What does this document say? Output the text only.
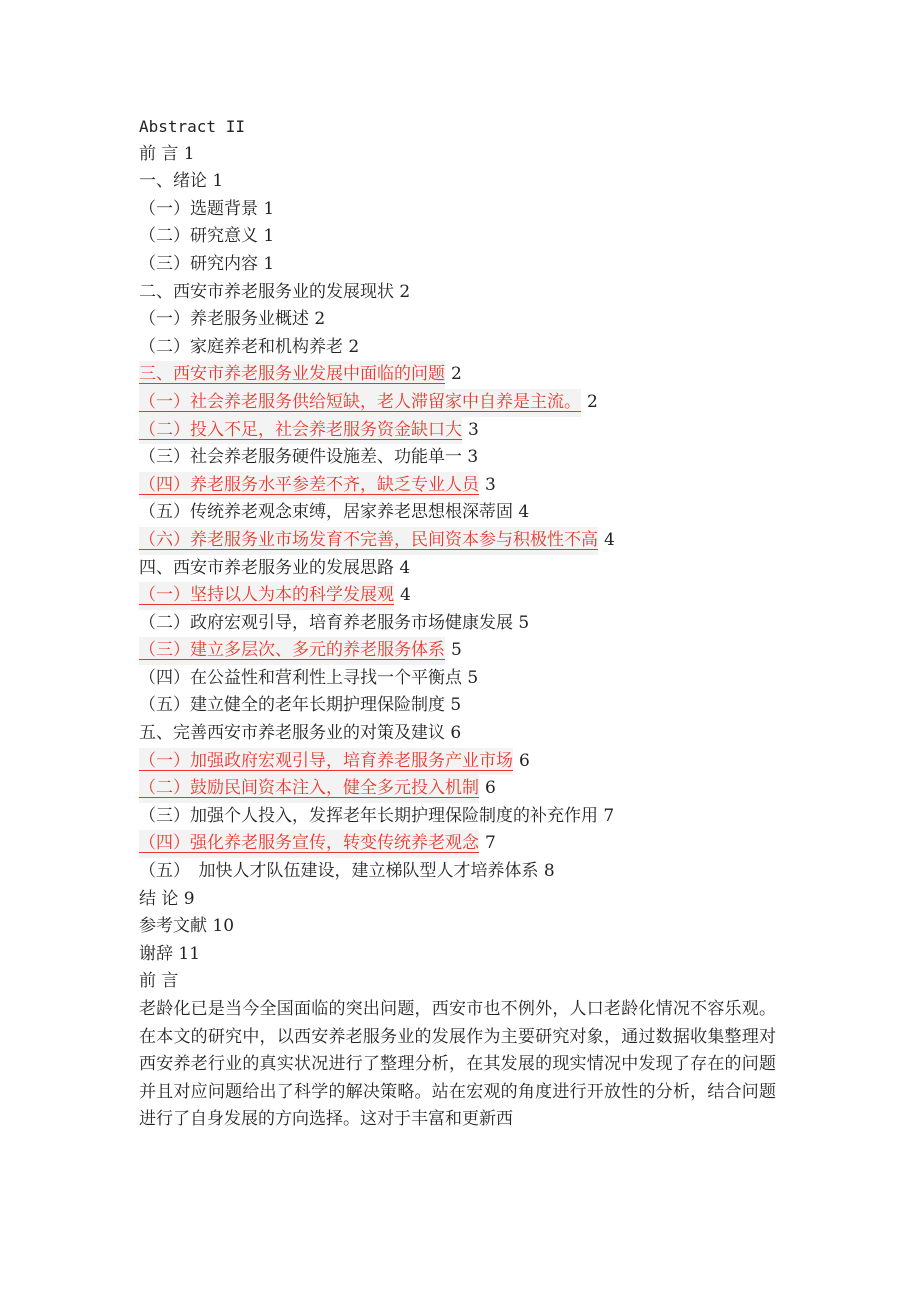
Abstract II
前 言 1
一、绪论 1
（一）选题背景 1
（二）研究意义 1
（三）研究内容 1
二、西安市养老服务业的发展现状 2
（一）养老服务业概述 2
（二）家庭养老和机构养老 2
三、西安市养老服务业发展中面临的问题 2
（一）社会养老服务供给短缺，老人滞留家中自养是主流。 2
（二）投入不足，社会养老服务资金缺口大 3
（三）社会养老服务硬件设施差、功能单一 3
（四）养老服务水平参差不齐，缺乏专业人员 3
（五）传统养老观念束缚，居家养老思想根深蒂固 4
（六）养老服务业市场发育不完善，民间资本参与积极性不高 4
四、西安市养老服务业的发展思路 4
（一）坚持以人为本的科学发展观 4
（二）政府宏观引导，培育养老服务市场健康发展 5
（三）建立多层次、多元的养老服务体系 5
（四）在公益性和营利性上寻找一个平衡点 5
（五）建立健全的老年长期护理保险制度 5
五、完善西安市养老服务业的对策及建议 6
（一）加强政府宏观引导，培育养老服务产业市场 6
（二）鼓励民间资本注入，健全多元投入机制 6
（三）加强个人投入，发挥老年长期护理保险制度的补充作用 7
（四）强化养老服务宣传，转变传统养老观念 7
（五）　加快人才队伍建设，建立梯队型人才培养体系 8
结 论 9
参考文献 10
谢辞 11
前 言

老龄化已是当今全国面临的突出问题，西安市也不例外，人口老龄化情况不容乐观。在本文的研究中，以西安养老服务业的发展作为主要研究对象，通过数据收集整理对西安养老行业的真实状况进行了整理分析，在其发展的现实情况中发现了存在的问题并且对应问题给出了科学的解决策略。站在宏观的角度进行开放性的分析，结合问题进行了自身发展的方向选择。这对于丰富和更新西
